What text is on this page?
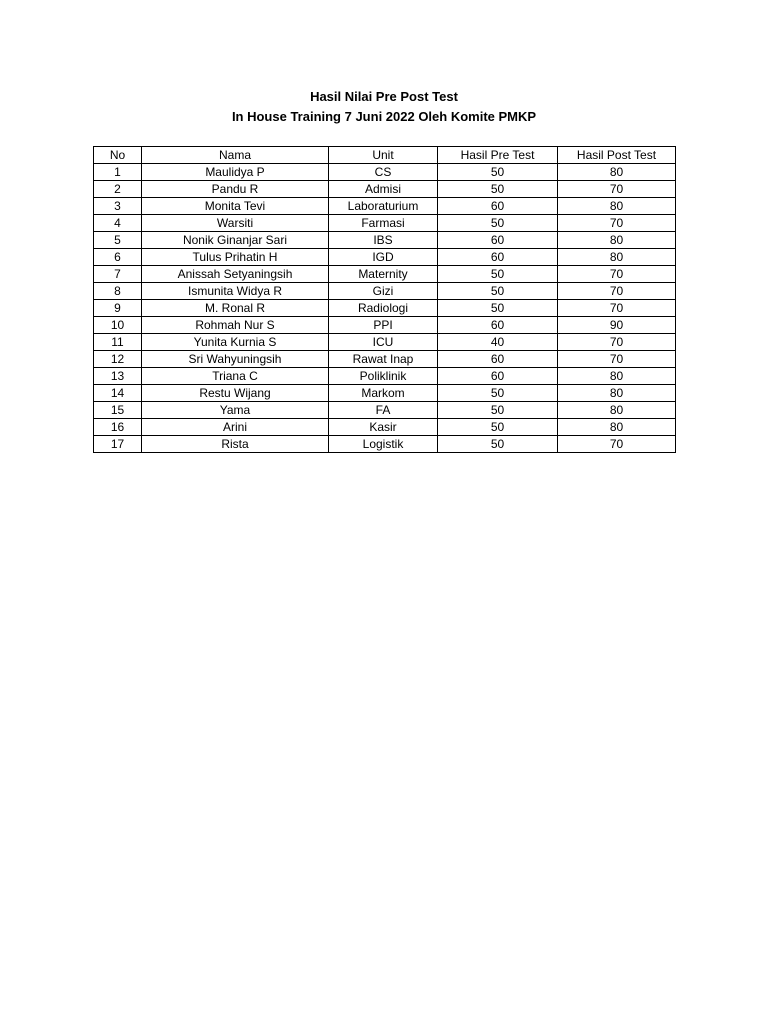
Hasil Nilai Pre Post Test
In House Training 7 Juni 2022 Oleh Komite PMKP
No	Nama	Unit	Hasil Pre Test	Hasil Post Test
1	Maulidya P	CS	50	80
2	Pandu R	Admisi	50	70
3	Monita Tevi	Laboraturium	60	80
4	Warsiti	Farmasi	50	70
5	Nonik Ginanjar Sari	IBS	60	80
6	Tulus Prihatin H	IGD	60	80
7	Anissah Setyaningsih	Maternity	50	70
8	Ismunita Widya R	Gizi	50	70
9	M. Ronal R	Radiologi	50	70
10	Rohmah Nur S	PPI	60	90
11	Yunita Kurnia S	ICU	40	70
12	Sri Wahyuningsih	Rawat Inap	60	70
13	Triana C	Poliklinik	60	80
14	Restu Wijang	Markom	50	80
15	Yama	FA	50	80
16	Arini	Kasir	50	80
17	Rista	Logistik	50	70
